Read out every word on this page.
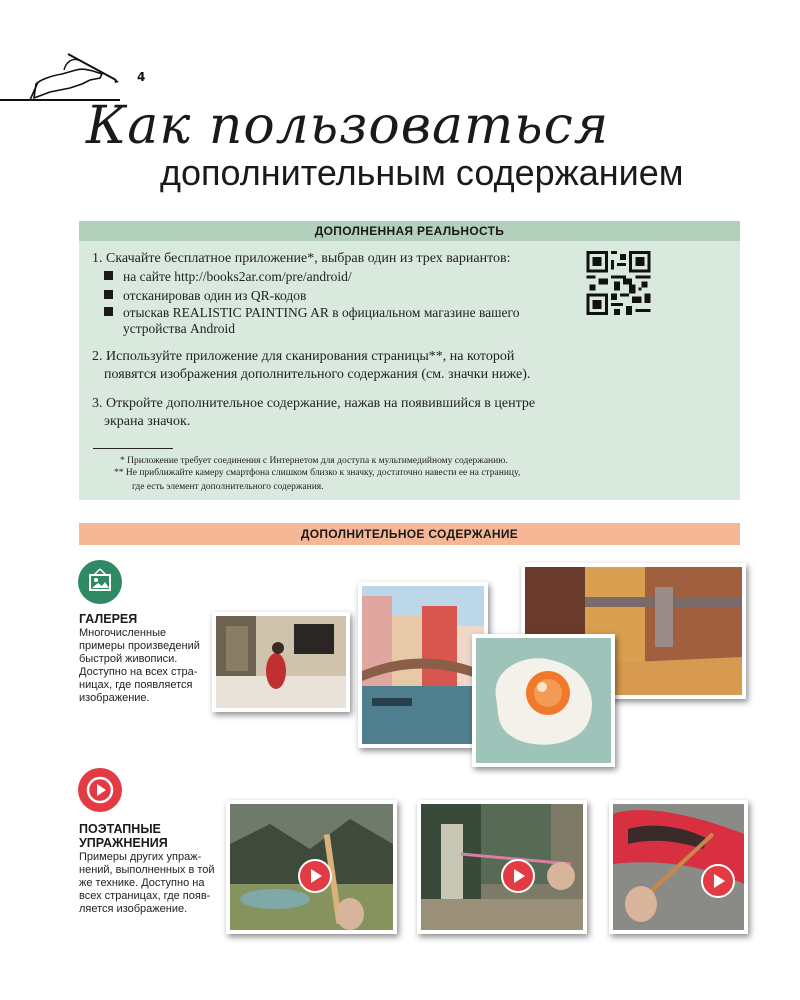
4
Как пользоваться
дополнительным содержанием
ДОПОЛНЕННАЯ РЕАЛЬНОСТЬ
1. Скачайте бесплатное приложение*, выбрав один из трех вариантов:
на сайте http://books2ar.com/pre/android/
отсканировав один из QR-кодов
отыскав REALISTIC PAINTING AR в официальном магазине вашего
устройства Android
2. Используйте приложение для сканирования страницы**, на которой
появятся изображения дополнительного содержания (см. значки ниже).
3. Откройте дополнительное содержание, нажав на появившийся в центре
экрана значок.
* Приложение требует соединения с Интернетом для доступа к мультимедийному содержанию.
** Не приближайте камеру смартфона слишком близко к значку, достаточно навести ее на страницу,
где есть элемент дополнительного содержания.
ДОПОЛНИТЕЛЬНОЕ СОДЕРЖАНИЕ
ГАЛЕРЕЯ
Многочисленные
примеры произведений
быстрой живописи.
Доступно на всех стра-
ницах, где появляется
изображение.
ПОЭТАПНЫЕ
УПРАЖНЕНИЯ
Примеры других упраж-
нений, выполненных в той
же технике. Доступно на
всех страницах, где появ-
ляется изображение.
